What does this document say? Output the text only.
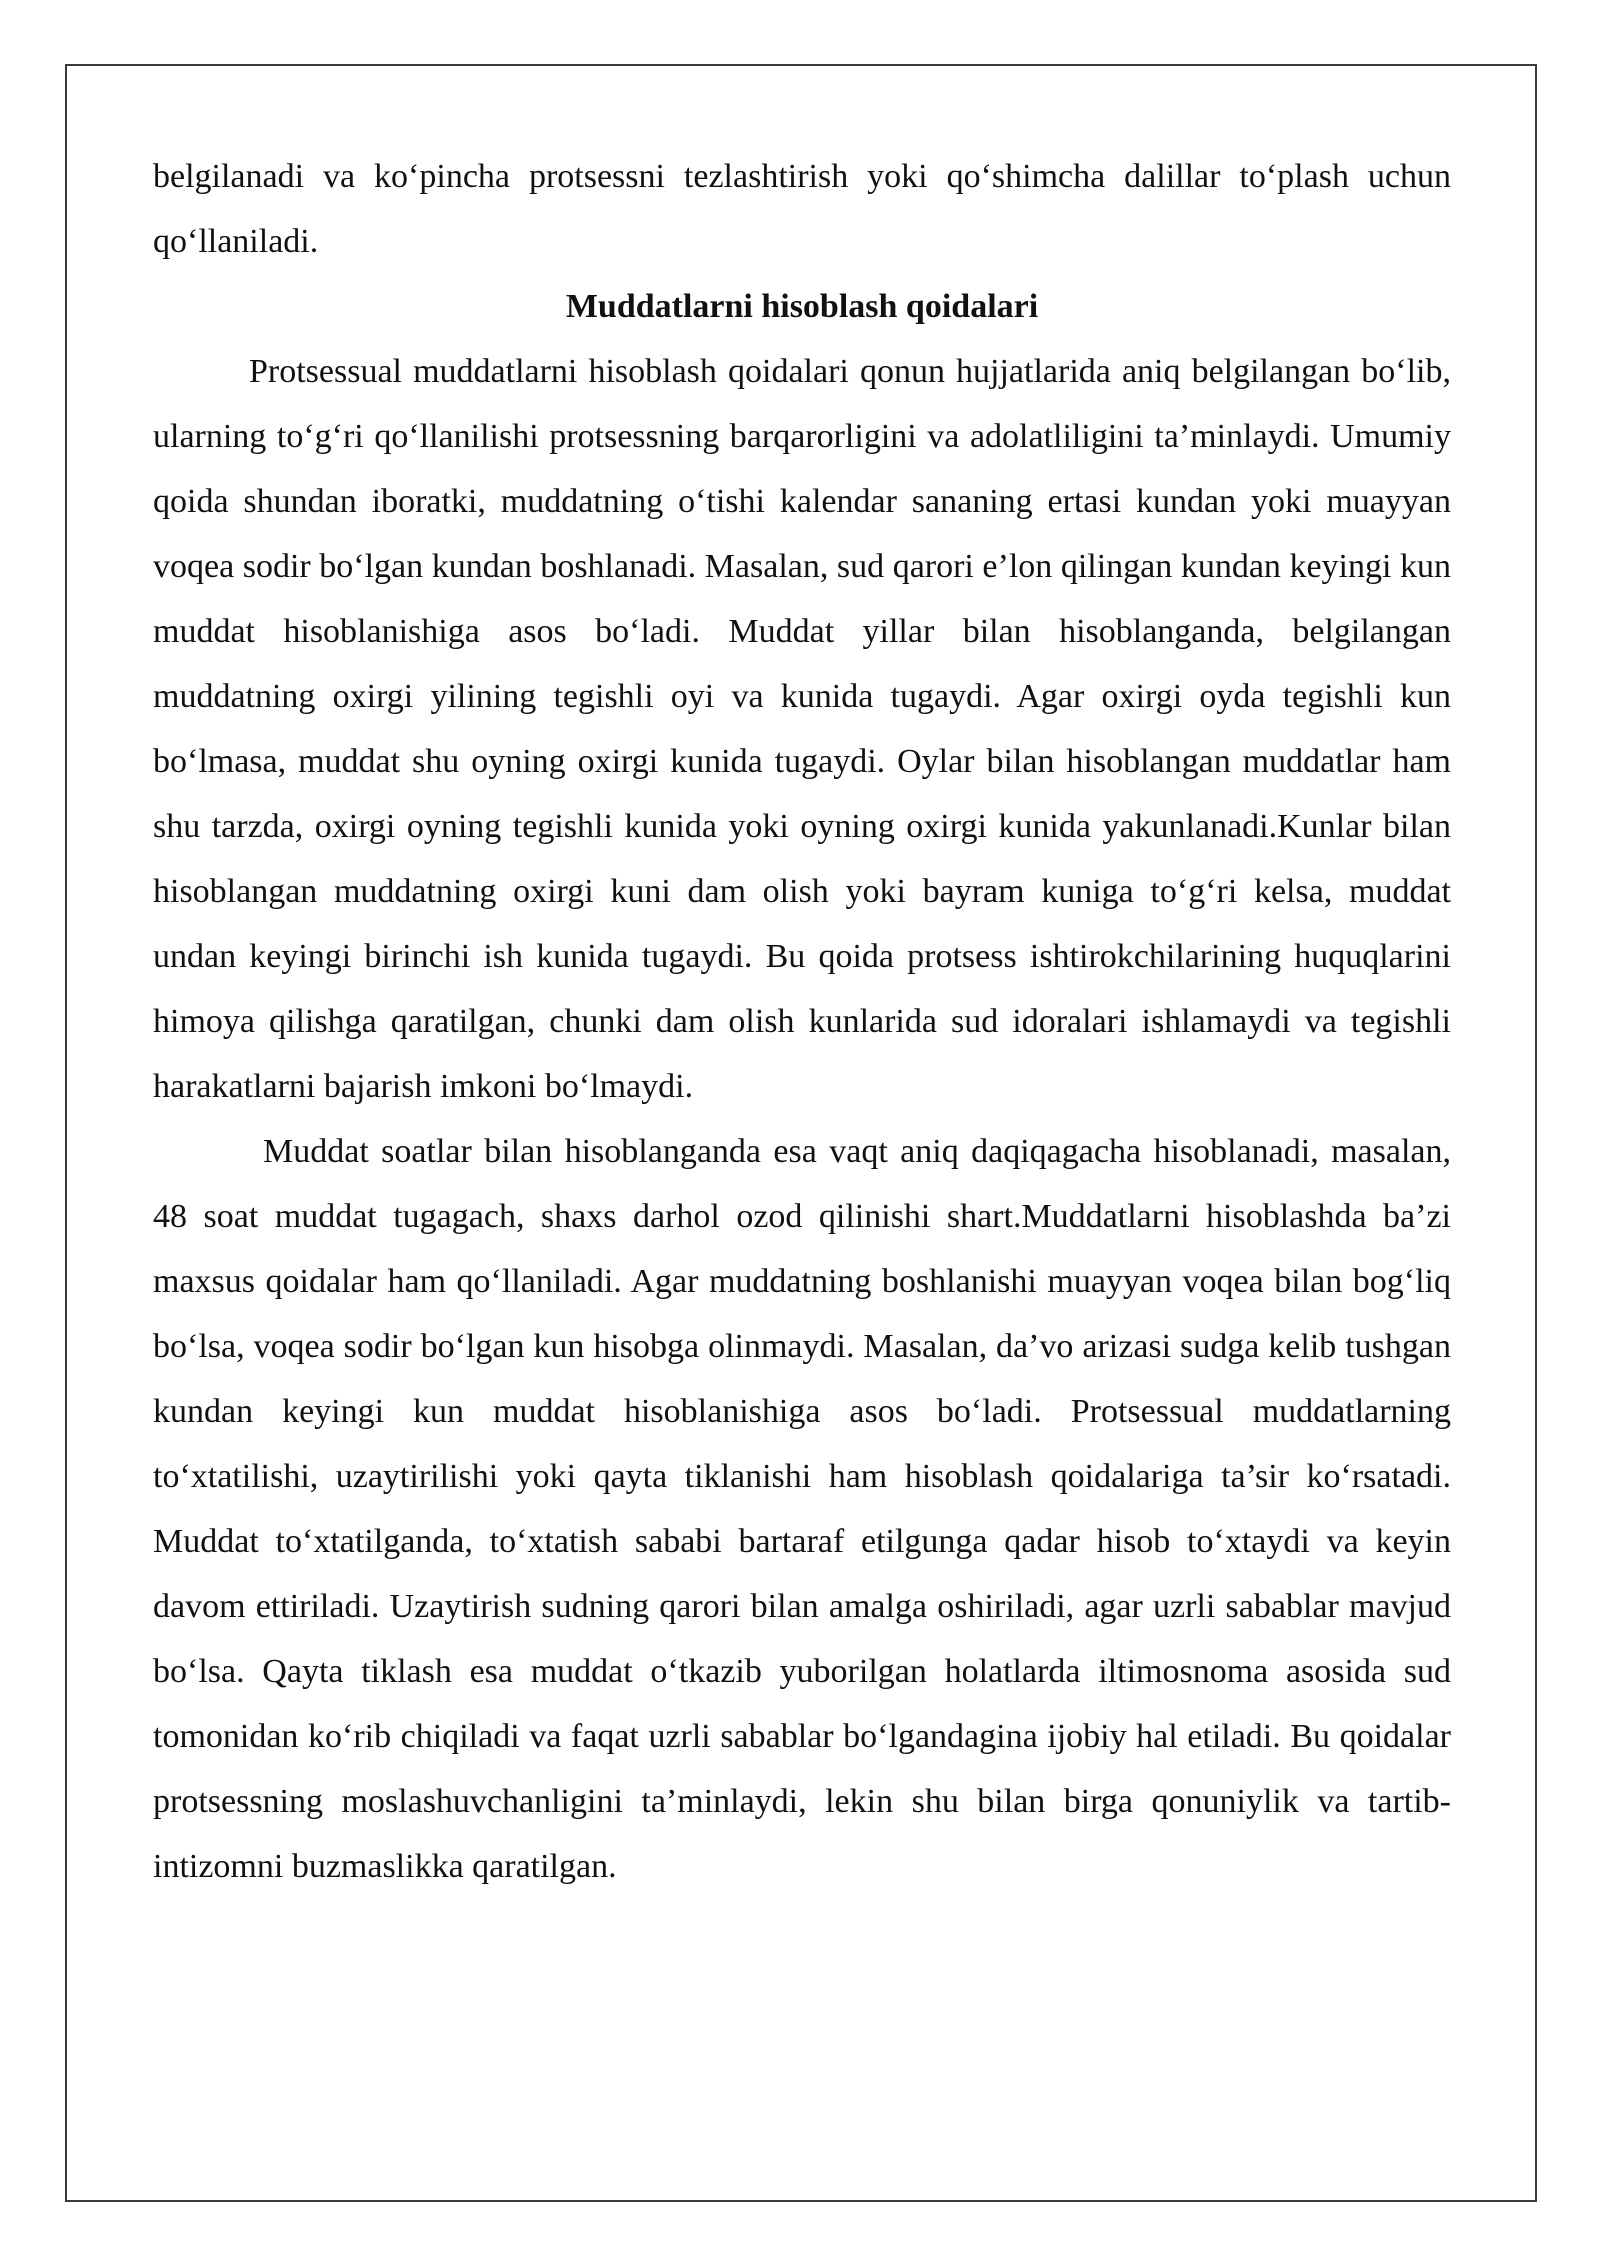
belgilanadi va ko‘pincha protsessni tezlashtirish yoki qo‘shimcha dalillar to‘plash uchun qo‘llaniladi.

Muddatlarni hisoblash qoidalari

Protsessual muddatlarni hisoblash qoidalari qonun hujjatlarida aniq belgilangan bo‘lib, ularning to‘g‘ri qo‘llanilishi protsessning barqarorligini va adolatliligini ta’minlaydi. Umumiy qoida shundan iboratki, muddatning o‘tishi kalendar sananing ertasi kundan yoki muayyan voqea sodir bo‘lgan kundan boshlanadi. Masalan, sud qarori e’lon qilingan kundan keyingi kun muddat hisoblanishiga asos bo‘ladi. Muddat yillar bilan hisoblanganda, belgilangan muddatning oxirgi yilining tegishli oyi va kunida tugaydi. Agar oxirgi oyda tegishli kun bo‘lmasa, muddat shu oyning oxirgi kunida tugaydi. Oylar bilan hisoblangan muddatlar ham shu tarzda, oxirgi oyning tegishli kunida yoki oyning oxirgi kunida yakunlanadi.Kunlar bilan hisoblangan muddatning oxirgi kuni dam olish yoki bayram kuniga to‘g‘ri kelsa, muddat undan keyingi birinchi ish kunida tugaydi. Bu qoida protsess ishtirokchilarining huquqlarini himoya qilishga qaratilgan, chunki dam olish kunlarida sud idoralari ishlamaydi va tegishli harakatlarni bajarish imkoni bo‘lmaydi.

Muddat soatlar bilan hisoblanganda esa vaqt aniq daqiqagacha hisoblanadi, masalan, 48 soat muddat tugagach, shaxs darhol ozod qilinishi shart.Muddatlarni hisoblashda ba’zi maxsus qoidalar ham qo‘llaniladi. Agar muddatning boshlanishi muayyan voqea bilan bog‘liq bo‘lsa, voqea sodir bo‘lgan kun hisobga olinmaydi. Masalan, da’vo arizasi sudga kelib tushgan kundan keyingi kun muddat hisoblanishiga asos bo‘ladi. Protsessual muddatlarning to‘xtatilishi, uzaytirilishi yoki qayta tiklanishi ham hisoblash qoidalariga ta’sir ko‘rsatadi. Muddat to‘xtatilganda, to‘xtatish sababi bartaraf etilgunga qadar hisob to‘xtaydi va keyin davom ettiriladi. Uzaytirish sudning qarori bilan amalga oshiriladi, agar uzrli sabablar mavjud bo‘lsa. Qayta tiklash esa muddat o‘tkazib yuborilgan holatlarda iltimosnoma asosida sud tomonidan ko‘rib chiqiladi va faqat uzrli sabablar bo‘lgandagina ijobiy hal etiladi. Bu qoidalar protsessning moslashuvchanligini ta’minlaydi, lekin shu bilan birga qonuniylik va tartib-intizomni buzmaslikka qaratilgan.
